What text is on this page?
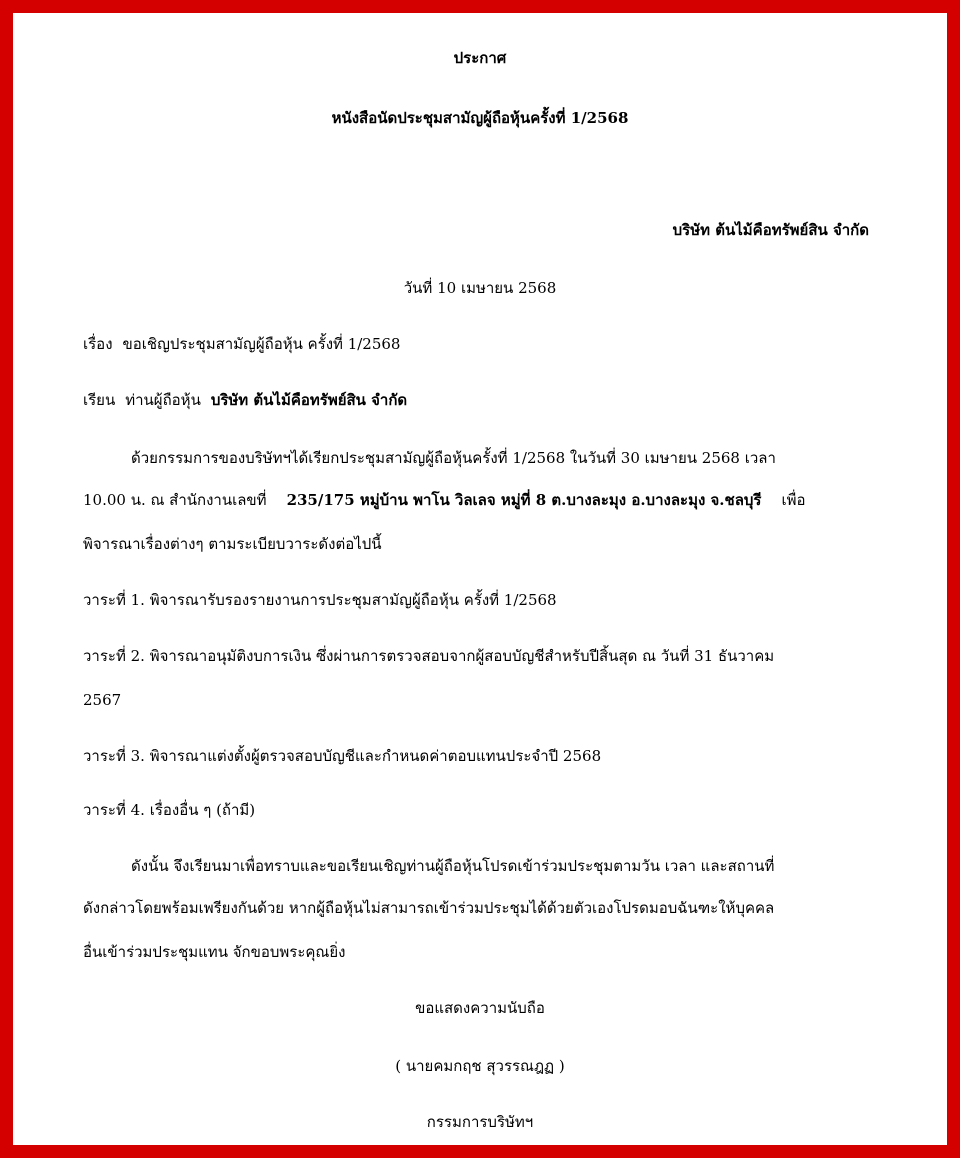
ประกาศ
หนังสือนัดประชุมสามัญผู้ถือหุ้นครั้งที่ 1/2568
บริษัท ต้นไม้คือทรัพย์สิน จำกัด
วันที่ 10 เมษายน 2568
เรื่อง ขอเชิญประชุมสามัญผู้ถือหุ้น ครั้งที่ 1/2568
เรียน ท่านผู้ถือหุ้น บริษัท ต้นไม้คือทรัพย์สิน จำกัด
ด้วยกรรมการของบริษัทฯได้เรียกประชุมสามัญผู้ถือหุ้นครั้งที่ 1/2568 ในวันที่ 30 เมษายน 2568 เวลา
10.00 น. ณ สำนักงานเลขที่ 235/175 หมู่บ้าน พาโน วิลเลจ หมู่ที่ 8 ต.บางละมุง อ.บางละมุง จ.ชลบุรี เพื่อ
พิจารณาเรื่องต่างๆ ตามระเบียบวาระดังต่อไปนี้
วาระที่ 1. พิจารณารับรองรายงานการประชุมสามัญผู้ถือหุ้น ครั้งที่ 1/2568
วาระที่ 2. พิจารณาอนุมัติงบการเงิน ซึ่งผ่านการตรวจสอบจากผู้สอบบัญชีสำหรับปีสิ้นสุด ณ วันที่ 31 ธันวาคม
2567
วาระที่ 3. พิจารณาแต่งตั้งผู้ตรวจสอบบัญชีและกำหนดค่าตอบแทนประจำปี 2568
วาระที่ 4. เรื่องอื่น ๆ (ถ้ามี)
ดังนั้น จึงเรียนมาเพื่อทราบและขอเรียนเชิญท่านผู้ถือหุ้นโปรดเข้าร่วมประชุมตามวัน เวลา และสถานที่
ดังกล่าวโดยพร้อมเพรียงกันด้วย หากผู้ถือหุ้นไม่สามารถเข้าร่วมประชุมได้ด้วยตัวเองโปรดมอบฉันฑะให้บุคคล
อื่นเข้าร่วมประชุมแทน จักขอบพระคุณยิ่ง
ขอแสดงความนับถือ
( นายคมกฤช สุวรรณฎฏ )
กรรมการบริษัทฯ
